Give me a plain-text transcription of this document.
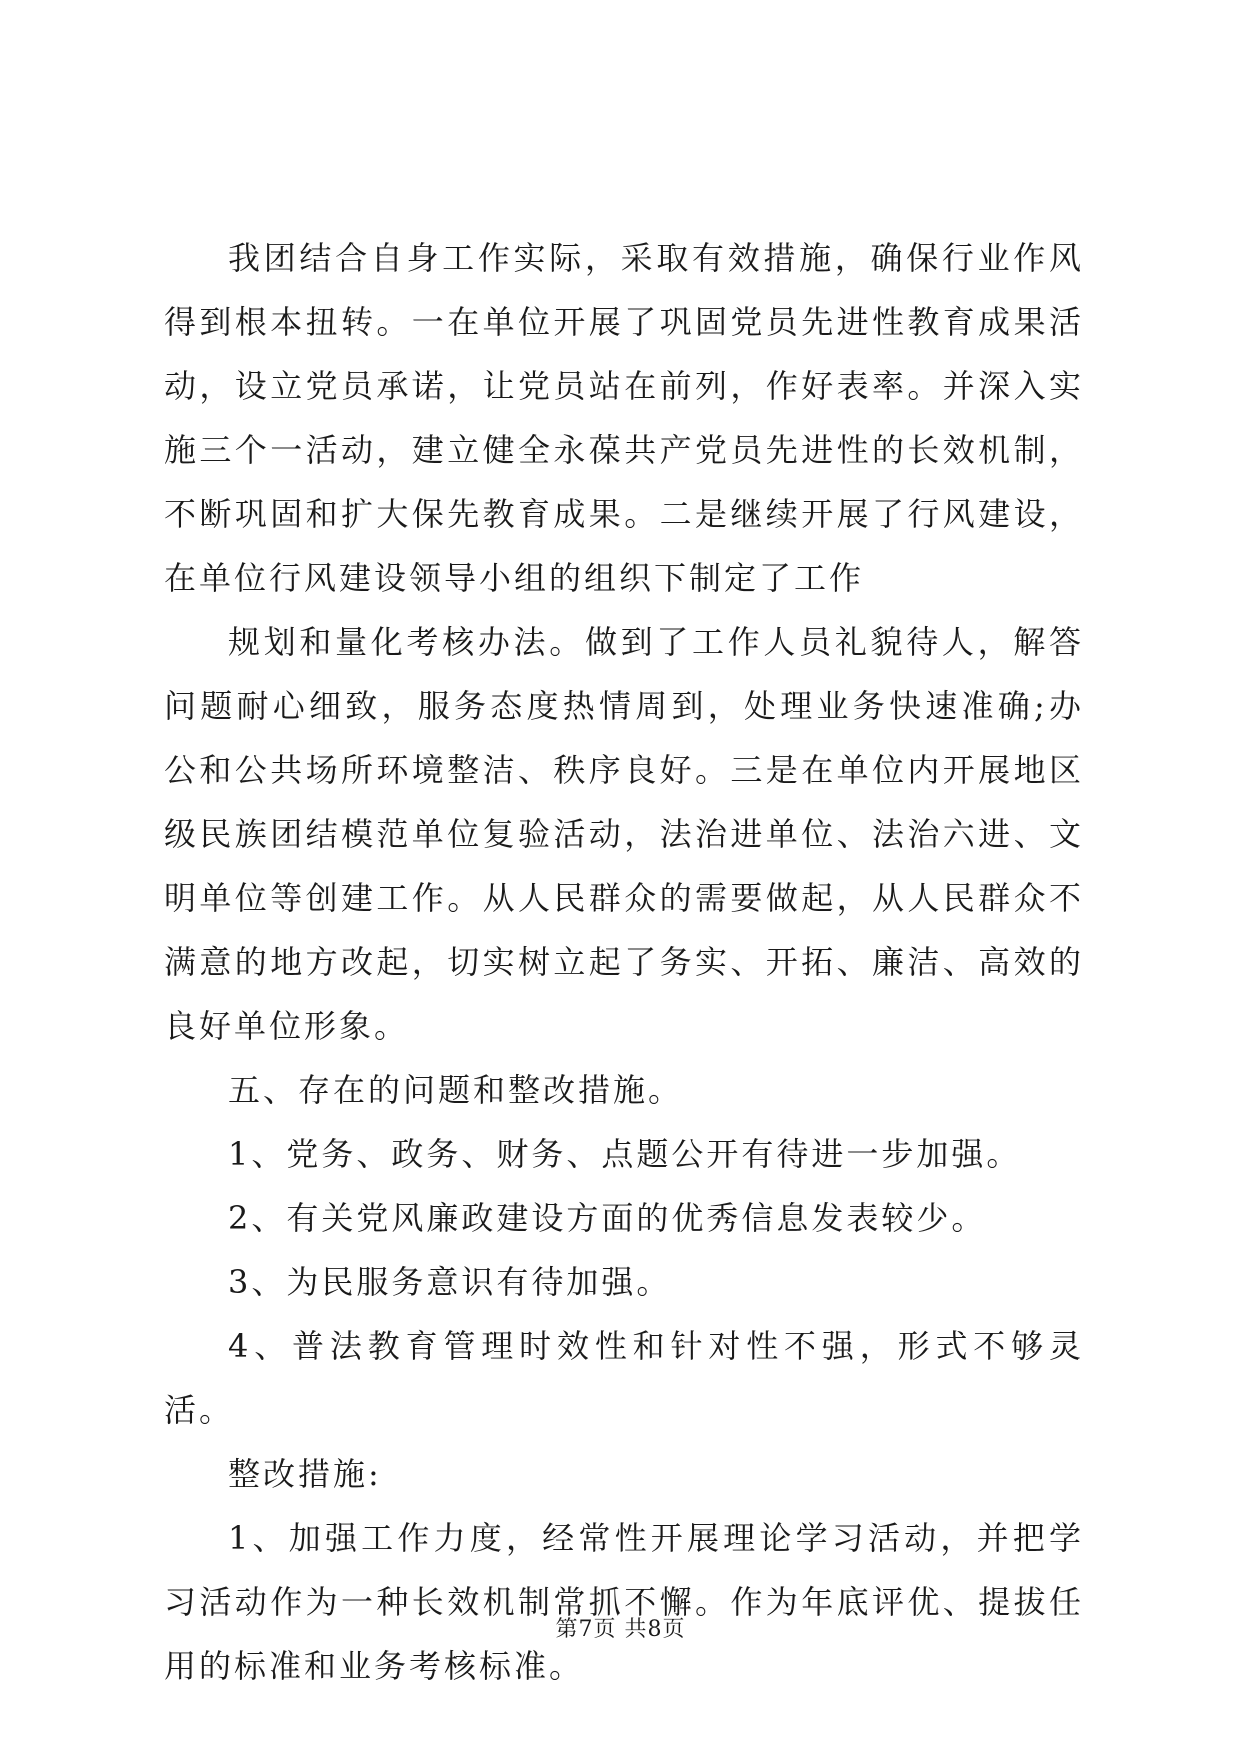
我团结合自身工作实际，采取有效措施，确保行业作风得到根本扭转。一在单位开展了巩固党员先进性教育成果活动，设立党员承诺，让党员站在前列，作好表率。并深入实施三个一活动，建立健全永葆共产党员先进性的长效机制，不断巩固和扩大保先教育成果。二是继续开展了行风建设，在单位行风建设领导小组的组织下制定了工作

规划和量化考核办法。做到了工作人员礼貌待人，解答问题耐心细致，服务态度热情周到，处理业务快速准确;办公和公共场所环境整洁、秩序良好。三是在单位内开展地区级民族团结模范单位复验活动，法治进单位、法治六进、文明单位等创建工作。从人民群众的需要做起，从人民群众不满意的地方改起，切实树立起了务实、开拓、廉洁、高效的良好单位形象。

五、存在的问题和整改措施。

1、党务、政务、财务、点题公开有待进一步加强。

2、有关党风廉政建设方面的优秀信息发表较少。

3、为民服务意识有待加强。

4、普法教育管理时效性和针对性不强，形式不够灵活。

整改措施:

1、加强工作力度，经常性开展理论学习活动，并把学习活动作为一种长效机制常抓不懈。作为年底评优、提拔任用的标准和业务考核标准。

第7页 共8页
